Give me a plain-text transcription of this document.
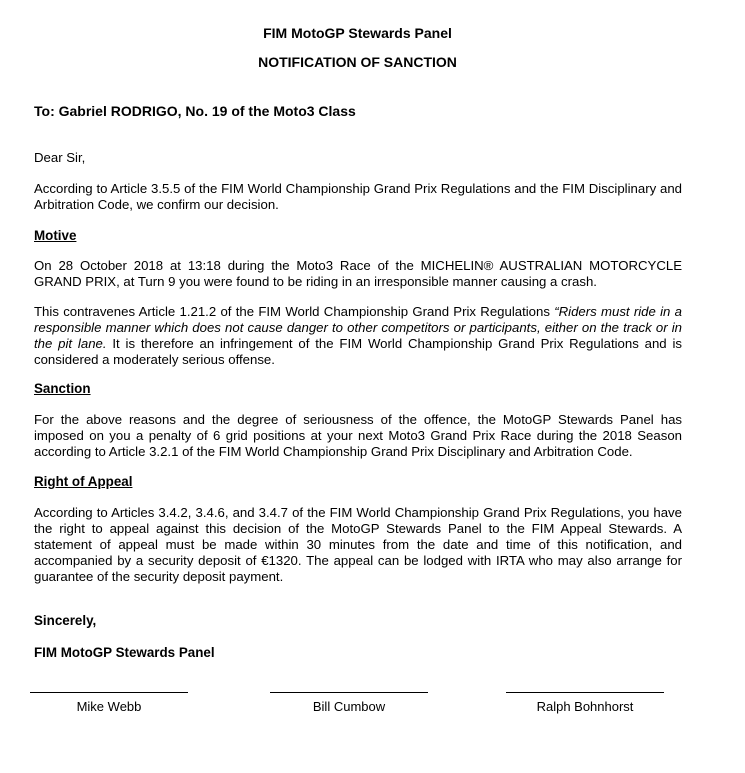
FIM MotoGP Stewards Panel
NOTIFICATION OF SANCTION
To: Gabriel RODRIGO, No. 19 of the Moto3 Class

Dear Sir,

According to Article 3.5.5 of the FIM World Championship Grand Prix Regulations and the FIM Disciplinary and Arbitration Code, we confirm our decision.

Motive

On 28 October 2018 at 13:18 during the Moto3 Race of the MICHELIN® AUSTRALIAN MOTORCYCLE GRAND PRIX, at Turn 9 you were found to be riding in an irresponsible manner causing a crash.

This contravenes Article 1.21.2 of the FIM World Championship Grand Prix Regulations “Riders must ride in a responsible manner which does not cause danger to other competitors or participants, either on the track or in the pit lane. It is therefore an infringement of the FIM World Championship Grand Prix Regulations and is considered a moderately serious offense.

Sanction

For the above reasons and the degree of seriousness of the offence, the MotoGP Stewards Panel has imposed on you a penalty of 6 grid positions at your next Moto3 Grand Prix Race during the 2018 Season according to Article 3.2.1 of the FIM World Championship Grand Prix Disciplinary and Arbitration Code.

Right of Appeal

According to Articles 3.4.2, 3.4.6, and 3.4.7 of the FIM World Championship Grand Prix Regulations, you have the right to appeal against this decision of the MotoGP Stewards Panel to the FIM Appeal Stewards. A statement of appeal must be made within 30 minutes from the date and time of this notification, and accompanied by a security deposit of €1320. The appeal can be lodged with IRTA who may also arrange for guarantee of the security deposit payment.

Sincerely,
FIM MotoGP Stewards Panel
Mike Webb	Bill Cumbow	Ralph Bohnhorst
